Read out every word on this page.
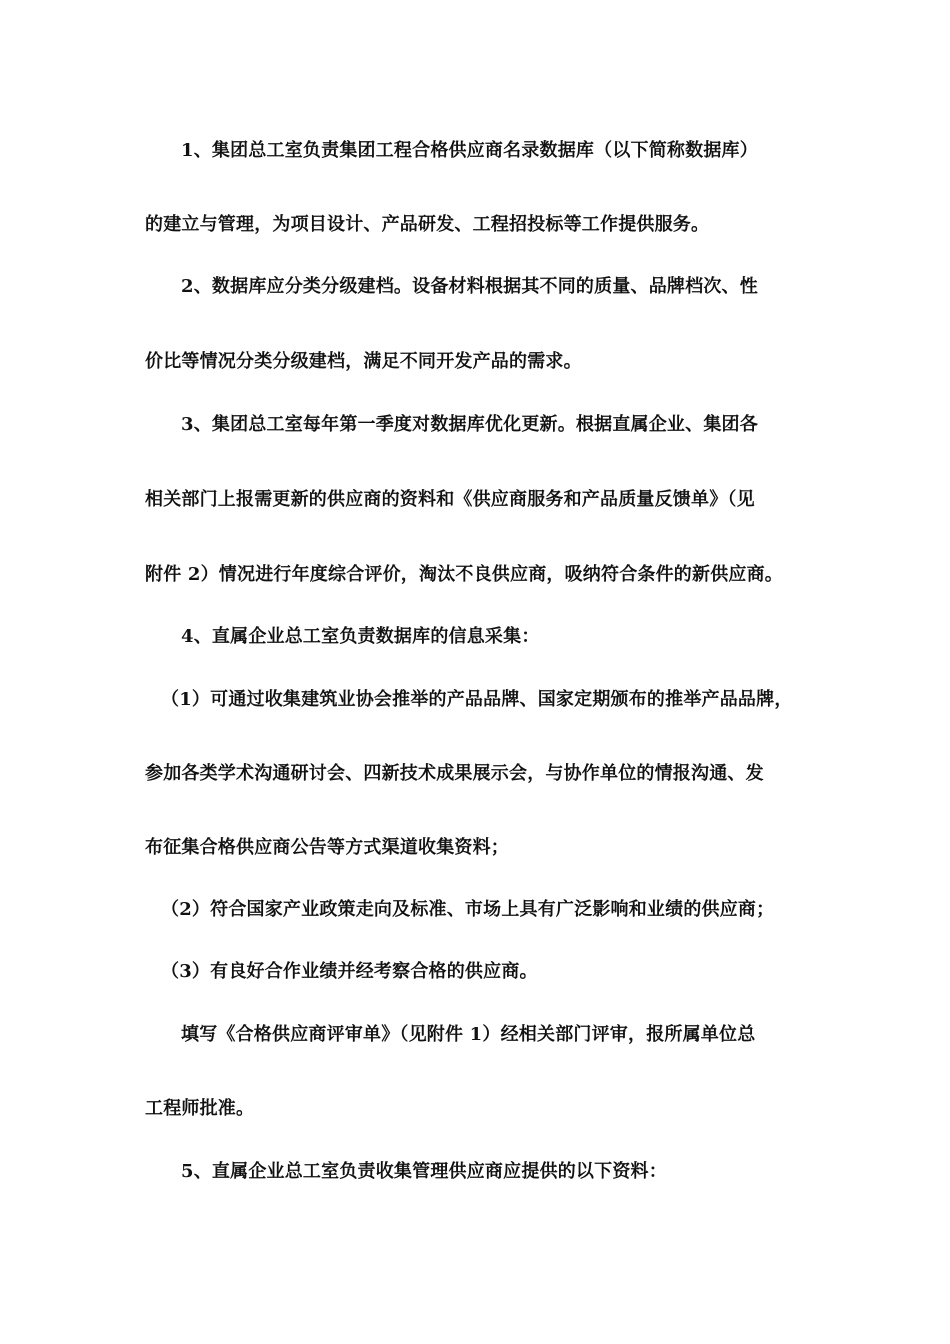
1、集团总工室负责集团工程合格供应商名录数据库（以下简称数据库）
的建立与管理，为项目设计、产品研发、工程招投标等工作提供服务。
2、数据库应分类分级建档。设备材料根据其不同的质量、品牌档次、性
价比等情况分类分级建档，满足不同开发产品的需求。
3、集团总工室每年第一季度对数据库优化更新。根据直属企业、集团各
相关部门上报需更新的供应商的资料和《供应商服务和产品质量反馈单》（见
附件 2）情况进行年度综合评价，淘汰不良供应商，吸纳符合条件的新供应商。
4、直属企业总工室负责数据库的信息采集：
（1）可通过收集建筑业协会推举的产品品牌、国家定期颁布的推举产品品牌，
参加各类学术沟通研讨会、四新技术成果展示会，与协作单位的情报沟通、发
布征集合格供应商公告等方式渠道收集资料；
（2）符合国家产业政策走向及标准、市场上具有广泛影响和业绩的供应商；
（3）有良好合作业绩并经考察合格的供应商。
填写《合格供应商评审单》（见附件 1）经相关部门评审，报所属单位总
工程师批准。
5、直属企业总工室负责收集管理供应商应提供的以下资料：
